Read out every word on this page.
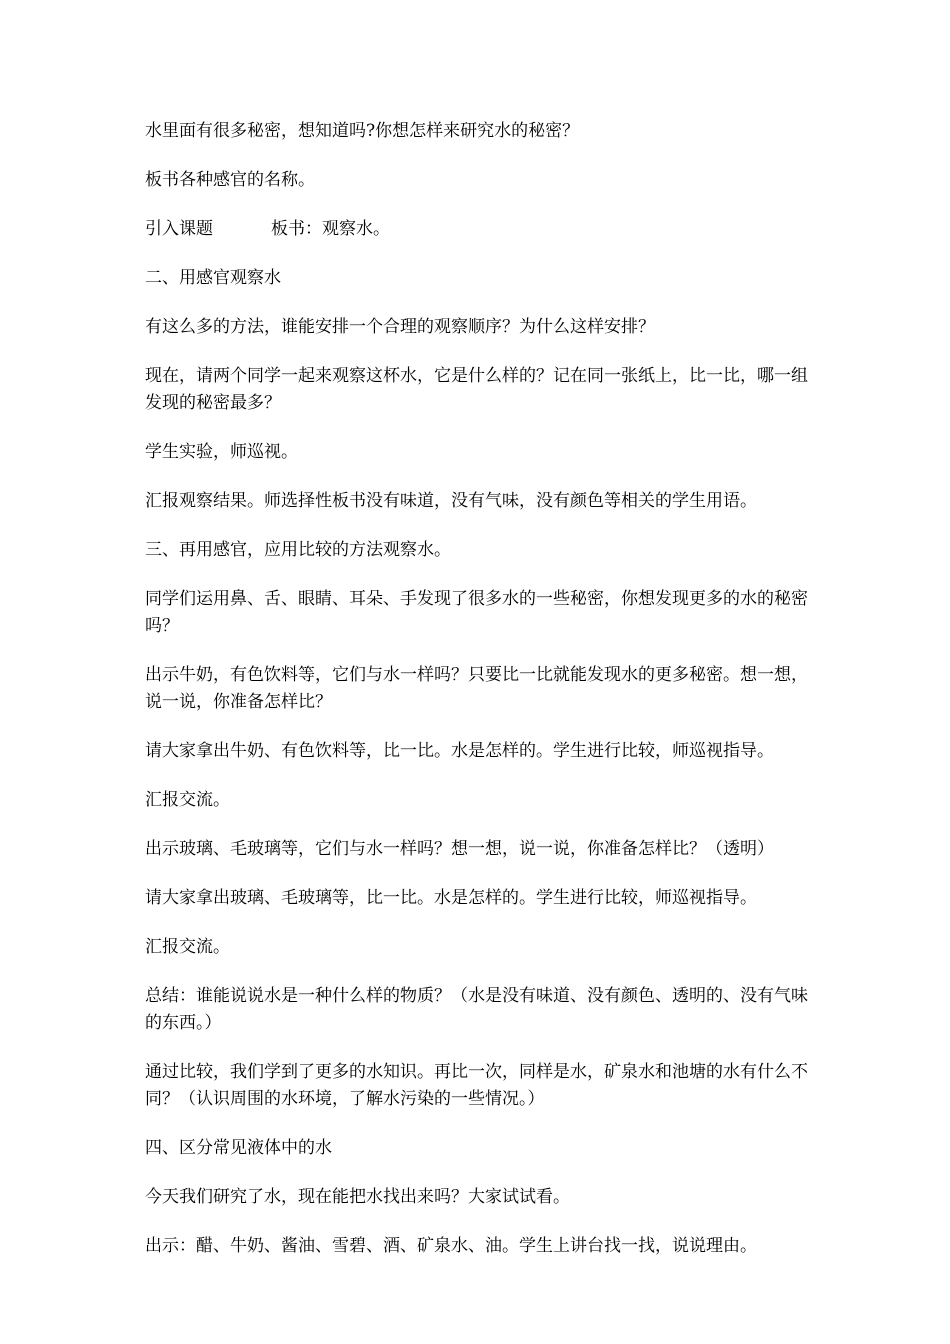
水里面有很多秘密，想知道吗?你想怎样来研究水的秘密？

板书各种感官的名称。

引入课题	板书：观察水。

二、用感官观察水

有这么多的方法，谁能安排一个合理的观察顺序？为什么这样安排？

现在，请两个同学一起来观察这杯水，它是什么样的？记在同一张纸上，比一比，哪一组发现的秘密最多？

学生实验，师巡视。

汇报观察结果。师选择性板书没有味道，没有气味，没有颜色等相关的学生用语。

三、再用感官，应用比较的方法观察水。

同学们运用鼻、舌、眼睛、耳朵、手发现了很多水的一些秘密，你想发现更多的水的秘密吗？

出示牛奶，有色饮料等，它们与水一样吗？只要比一比就能发现水的更多秘密。想一想，说一说，你准备怎样比？

请大家拿出牛奶、有色饮料等，比一比。水是怎样的。学生进行比较，师巡视指导。

汇报交流。

出示玻璃、毛玻璃等，它们与水一样吗？想一想，说一说，你准备怎样比？（透明）

请大家拿出玻璃、毛玻璃等，比一比。水是怎样的。学生进行比较，师巡视指导。

汇报交流。

总结：谁能说说水是一种什么样的物质？（水是没有味道、没有颜色、透明的、没有气味的东西。）

通过比较，我们学到了更多的水知识。再比一次，同样是水，矿泉水和池塘的水有什么不同？（认识周围的水环境，了解水污染的一些情况。）

四、区分常见液体中的水

今天我们研究了水，现在能把水找出来吗？大家试试看。

出示：醋、牛奶、酱油、雪碧、酒、矿泉水、油。学生上讲台找一找，说说理由。
